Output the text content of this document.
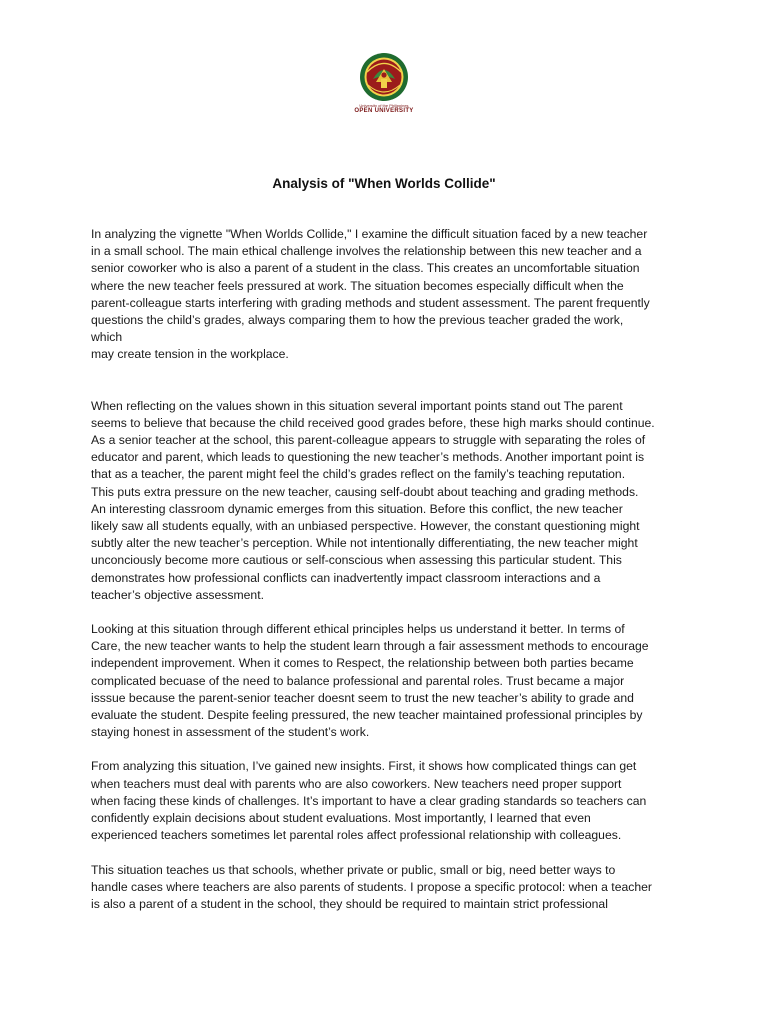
University of the Philippines
OPEN UNIVERSITY
Analysis of "When Worlds Collide"

In analyzing the vignette "When Worlds Collide," I examine the difficult situation faced by a new teacher
in a small school. The main ethical challenge involves the relationship between this new teacher and a
senior coworker who is also a parent of a student in the class. This creates an uncomfortable situation
where the new teacher feels pressured at work. The situation becomes especially difficult when the
parent-colleague starts interfering with grading methods and student assessment. The parent frequently
questions the child’s grades, always comparing them to how the previous teacher graded the work,
which
may create tension in the workplace.

When reflecting on the values shown in this situation several important points stand out The parent
seems to believe that because the child received good grades before, these high marks should continue.
As a senior teacher at the school, this parent-colleague appears to struggle with separating the roles of
educator and parent, which leads to questioning the new teacher’s methods. Another important point is
that as a teacher, the parent might feel the child’s grades reflect on the family’s teaching reputation.
This puts extra pressure on the new teacher, causing self-doubt about teaching and grading methods.
An interesting classroom dynamic emerges from this situation. Before this conflict, the new teacher
likely saw all students equally, with an unbiased perspective. However, the constant questioning might
subtly alter the new teacher’s perception. While not intentionally differentiating, the new teacher might
unconciously become more cautious or self-conscious when assessing this particular student. This
demonstrates how professional conflicts can inadvertently impact classroom interactions and a
teacher’s objective assessment.

Looking at this situation through different ethical principles helps us understand it better. In terms of
Care, the new teacher wants to help the student learn through a fair assessment methods to encourage
independent improvement. When it comes to Respect, the relationship between both parties became
complicated becuase of the need to balance professional and parental roles. Trust became a major
isssue because the parent-senior teacher doesnt seem to trust the new teacher’s ability to grade and
evaluate the student. Despite feeling pressured, the new teacher maintained professional principles by
staying honest in assessment of the student’s work.

From analyzing this situation, I’ve gained new insights. First, it shows how complicated things can get
when teachers must deal with parents who are also coworkers. New teachers need proper support
when facing these kinds of challenges. It’s important to have a clear grading standards so teachers can
confidently explain decisions about student evaluations. Most importantly, I learned that even
experienced teachers sometimes let parental roles affect professional relationship with colleagues.

This situation teaches us that schools, whether private or public, small or big, need better ways to
handle cases where teachers are also parents of students. I propose a specific protocol: when a teacher
is also a parent of a student in the school, they should be required to maintain strict professional
